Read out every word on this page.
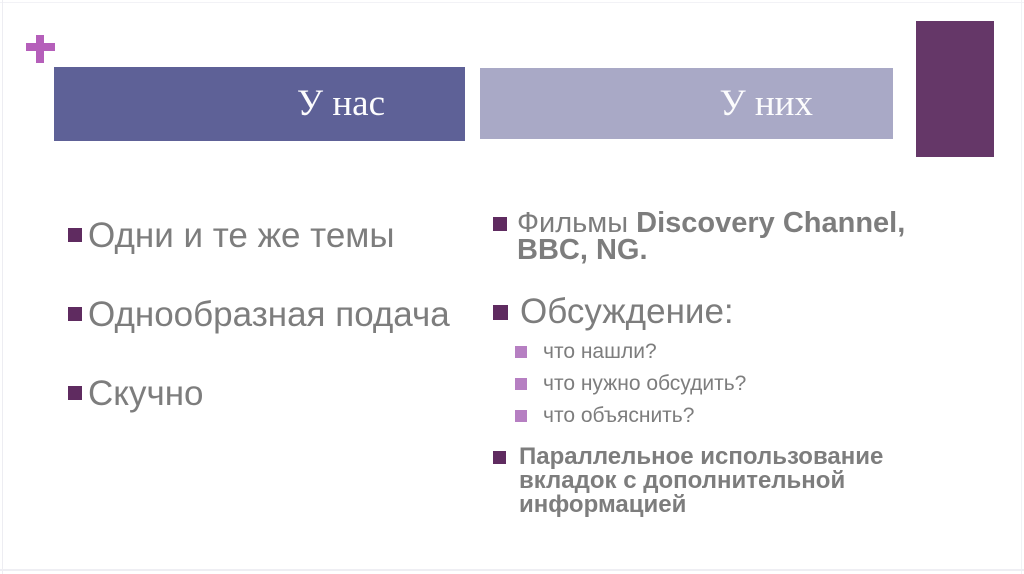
У нас	У них
Одни и те же темы
Однообразная подача
Скучно
Фильмы Discovery Channel, BBC, NG.
Обсуждение:
что нашли?
что нужно обсудить?
что объяснить?
Параллельное использование вкладок с дополнительной информацией
